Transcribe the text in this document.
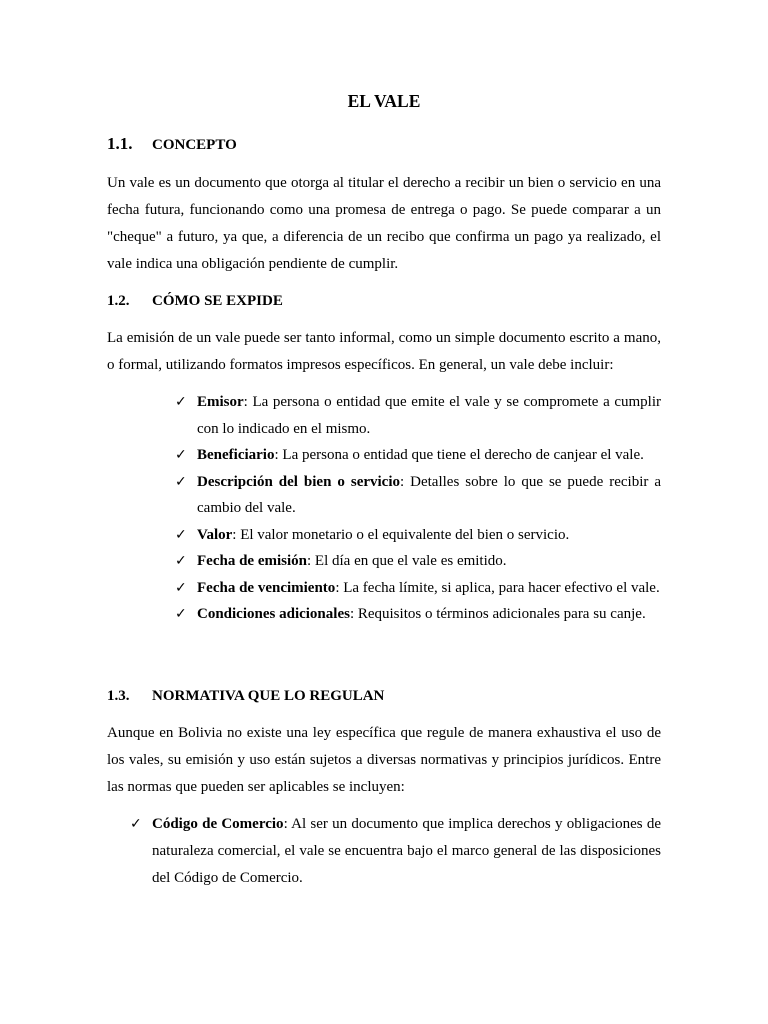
EL VALE
1.1. CONCEPTO

Un vale es un documento que otorga al titular el derecho a recibir un bien o servicio en una fecha futura, funcionando como una promesa de entrega o pago. Se puede comparar a un "cheque" a futuro, ya que, a diferencia de un recibo que confirma un pago ya realizado, el vale indica una obligación pendiente de cumplir.

1.2. CÓMO SE EXPIDE

La emisión de un vale puede ser tanto informal, como un simple documento escrito a mano, o formal, utilizando formatos impresos específicos. En general, un vale debe incluir:

✓ Emisor: La persona o entidad que emite el vale y se compromete a cumplir con lo indicado en el mismo.
✓ Beneficiario: La persona o entidad que tiene el derecho de canjear el vale.
✓ Descripción del bien o servicio: Detalles sobre lo que se puede recibir a cambio del vale.
✓ Valor: El valor monetario o el equivalente del bien o servicio.
✓ Fecha de emisión: El día en que el vale es emitido.
✓ Fecha de vencimiento: La fecha límite, si aplica, para hacer efectivo el vale.
✓ Condiciones adicionales: Requisitos o términos adicionales para su canje.
1.3. NORMATIVA QUE LO REGULAN

Aunque en Bolivia no existe una ley específica que regule de manera exhaustiva el uso de los vales, su emisión y uso están sujetos a diversas normativas y principios jurídicos. Entre las normas que pueden ser aplicables se incluyen:

✓ Código de Comercio: Al ser un documento que implica derechos y obligaciones de naturaleza comercial, el vale se encuentra bajo el marco general de las disposiciones del Código de Comercio.
